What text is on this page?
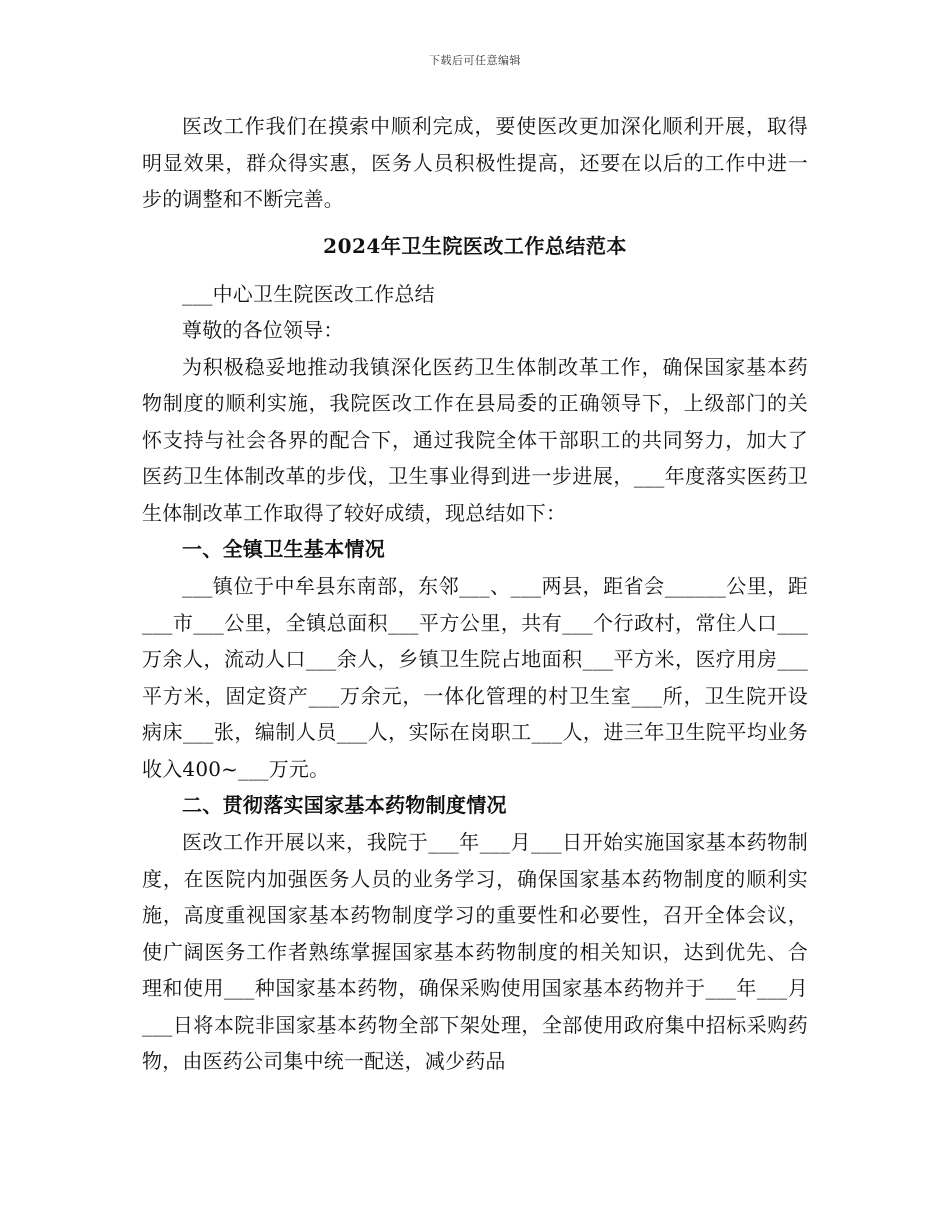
下载后可任意编辑

医改工作我们在摸索中顺利完成，要使医改更加深化顺利开展，取得明显效果，群众得实惠，医务人员积极性提高，还要在以后的工作中进一步的调整和不断完善。

2024年卫生院医改工作总结范本

___中心卫生院医改工作总结

尊敬的各位领导：

为积极稳妥地推动我镇深化医药卫生体制改革工作，确保国家基本药物制度的顺利实施，我院医改工作在县局委的正确领导下，上级部门的关怀支持与社会各界的配合下，通过我院全体干部职工的共同努力，加大了医药卫生体制改革的步伐，卫生事业得到进一步进展，___年度落实医药卫生体制改革工作取得了较好成绩，现总结如下：

一、全镇卫生基本情况

___镇位于中牟县东南部，东邻___、___两县，距省会______公里，距___市___公里，全镇总面积___平方公里，共有___个行政村，常住人口___万余人，流动人口___余人，乡镇卫生院占地面积___平方米，医疗用房___平方米，固定资产___万余元，一体化管理的村卫生室___所，卫生院开设病床___张，编制人员___人，实际在岗职工___人，进三年卫生院平均业务收入400~___万元。

二、贯彻落实国家基本药物制度情况

医改工作开展以来，我院于___年___月___日开始实施国家基本药物制度，在医院内加强医务人员的业务学习，确保国家基本药物制度的顺利实施，高度重视国家基本药物制度学习的重要性和必要性，召开全体会议，使广阔医务工作者熟练掌握国家基本药物制度的相关知识，达到优先、合理和使用___种国家基本药物，确保采购使用国家基本药物并于___年___月___日将本院非国家基本药物全部下架处理，全部使用政府集中招标采购药物，由医药公司集中统一配送，减少药品
